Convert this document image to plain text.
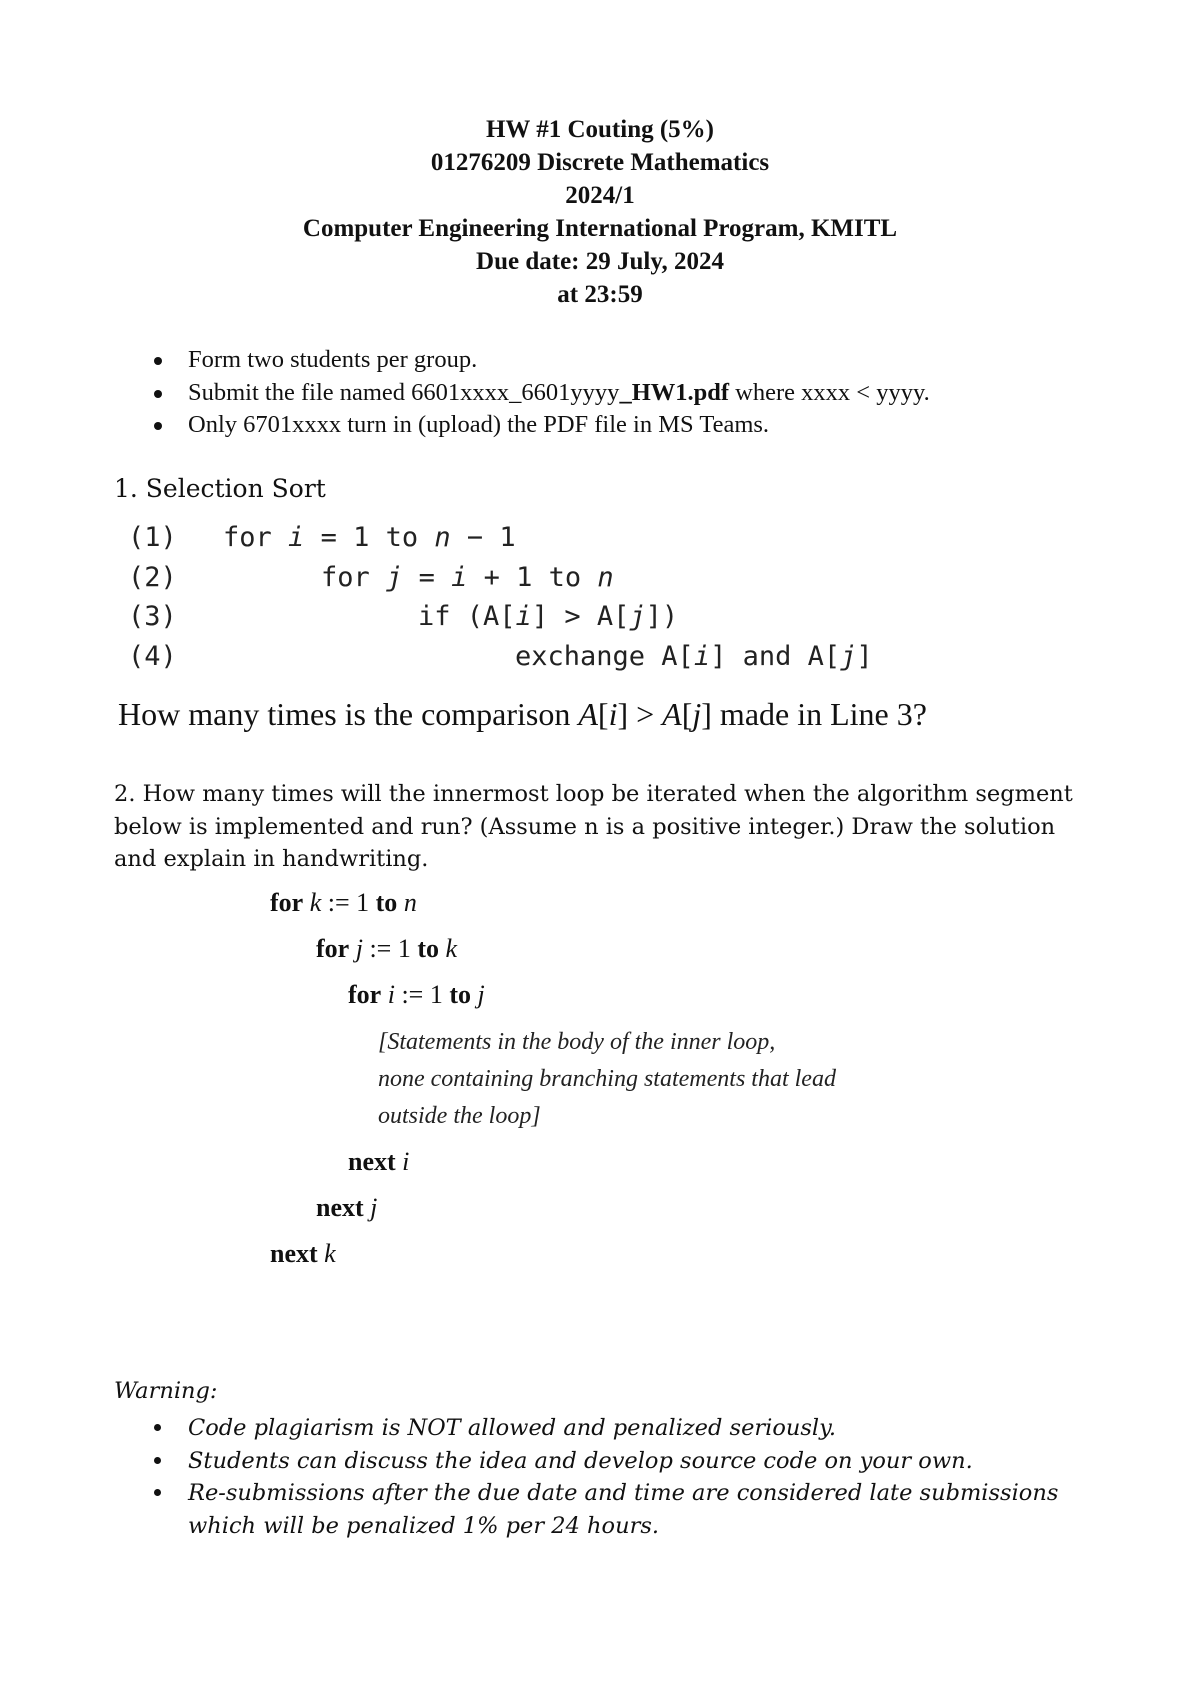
HW #1 Couting (5%)
01276209 Discrete Mathematics
2024/1
Computer Engineering International Program, KMITL
Due date: 29 July, 2024
at 23:59
Form two students per group.
Submit the file named 6601xxxx_6601yyyy_HW1.pdf where xxxx < yyyy.
Only 6701xxxx turn in (upload) the PDF file in MS Teams.
1. Selection Sort
(1) for i = 1 to n − 1
(2)	for j = i + 1 to n
(3)	if (A[i] > A[j])
(4)	exchange A[i] and A[j]
How many times is the comparison A[i] > A[j] made in Line 3?
2. How many times will the innermost loop be iterated when the algorithm segment
below is implemented and run? (Assume n is a positive integer.) Draw the solution
and explain in handwriting.
for k := 1 to n
for j := 1 to k
for i := 1 to j
[Statements in the body of the inner loop,
none containing branching statements that lead
outside the loop]
next i
next j
next k
Warning:
Code plagiarism is NOT allowed and penalized seriously.
Students can discuss the idea and develop source code on your own.
Re-submissions after the due date and time are considered late submissions
which will be penalized 1% per 24 hours.
